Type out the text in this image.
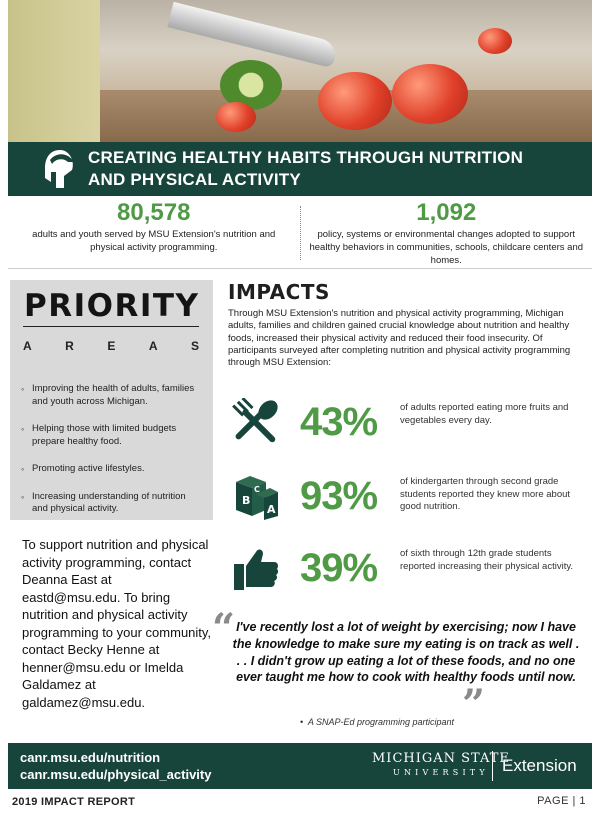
CREATING HEALTHY HABITS THROUGH NUTRITION
AND PHYSICAL ACTIVITY
80,578
adults and youth served by MSU Extension's nutrition and physical activity programming.
1,092
policy, systems or environmental changes adopted to support healthy behaviors in communities, schools, childcare centers and homes.
PRIORITY
A	R	E	A	S
◦ Improving the health of adults, families and youth across Michigan.
◦ Helping those with limited budgets prepare healthy food.
◦ Promoting active lifestyles.
◦ Increasing understanding of nutrition and physical activity.
To support nutrition and physical activity programming, contact Deanna East at eastd@msu.edu. To bring nutrition and physical activity programming to your community, contact Becky Henne at henner@msu.edu or Imelda Galdamez at galdamez@msu.edu.
IMPACTS
Through MSU Extension's nutrition and physical activity programming, Michigan adults, families and children gained crucial knowledge about nutrition and healthy foods, increased their physical activity and reduced their food insecurity. Of participants surveyed after completing nutrition and physical activity programming through MSU Extension:
43% of adults reported eating more fruits and vegetables every day.
B
C
A 93% of kindergarten through second grade students reported they knew more about good nutrition.
39% of sixth through 12th grade students reported increasing their physical activity.
“ I've recently lost a lot of weight by exercising; now I have the knowledge to make sure my eating is on track as well . . . I didn't grow up eating a lot of these foods, and no one ever taught me how to cook with healthy foods until now.
”
•  A SNAP-Ed programming participant
canr.msu.edu/nutrition
canr.msu.edu/physical_activity
MICHIGAN STATE
UNIVERSITY Extension
2019 IMPACT REPORT	PAGE | 1
